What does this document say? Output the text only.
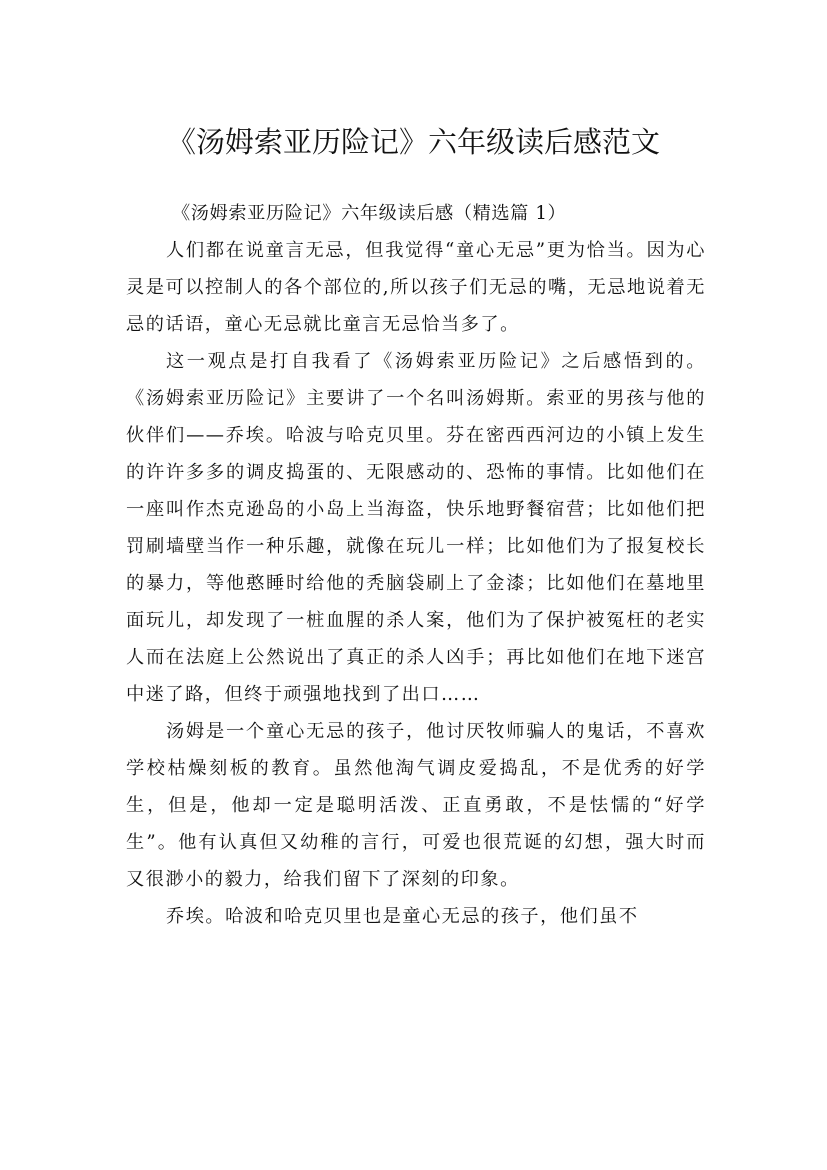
《汤姆索亚历险记》六年级读后感范文

《汤姆索亚历险记》六年级读后感（精选篇 1）

人们都在说童言无忌，但我觉得“童心无忌”更为恰当。因为心灵是可以控制人的各个部位的,所以孩子们无忌的嘴，无忌地说着无忌的话语，童心无忌就比童言无忌恰当多了。

这一观点是打自我看了《汤姆索亚历险记》之后感悟到的。《汤姆索亚历险记》主要讲了一个名叫汤姆斯。索亚的男孩与他的伙伴们——乔埃。哈波与哈克贝里。芬在密西西河边的小镇上发生的许许多多的调皮捣蛋的、无限感动的、恐怖的事情。比如他们在一座叫作杰克逊岛的小岛上当海盗，快乐地野餐宿营；比如他们把罚刷墙壁当作一种乐趣，就像在玩儿一样；比如他们为了报复校长的暴力，等他憨睡时给他的秃脑袋刷上了金漆；比如他们在墓地里面玩儿，却发现了一桩血腥的杀人案，他们为了保护被冤枉的老实人而在法庭上公然说出了真正的杀人凶手；再比如他们在地下迷宫中迷了路，但终于顽强地找到了出口……

汤姆是一个童心无忌的孩子，他讨厌牧师骗人的鬼话，不喜欢学校枯燥刻板的教育。虽然他淘气调皮爱捣乱，不是优秀的好学生，但是，他却一定是聪明活泼、正直勇敢，不是怯懦的“好学生”。他有认真但又幼稚的言行，可爱也很荒诞的幻想，强大时而又很渺小的毅力，给我们留下了深刻的印象。

乔埃。哈波和哈克贝里也是童心无忌的孩子，他们虽不
